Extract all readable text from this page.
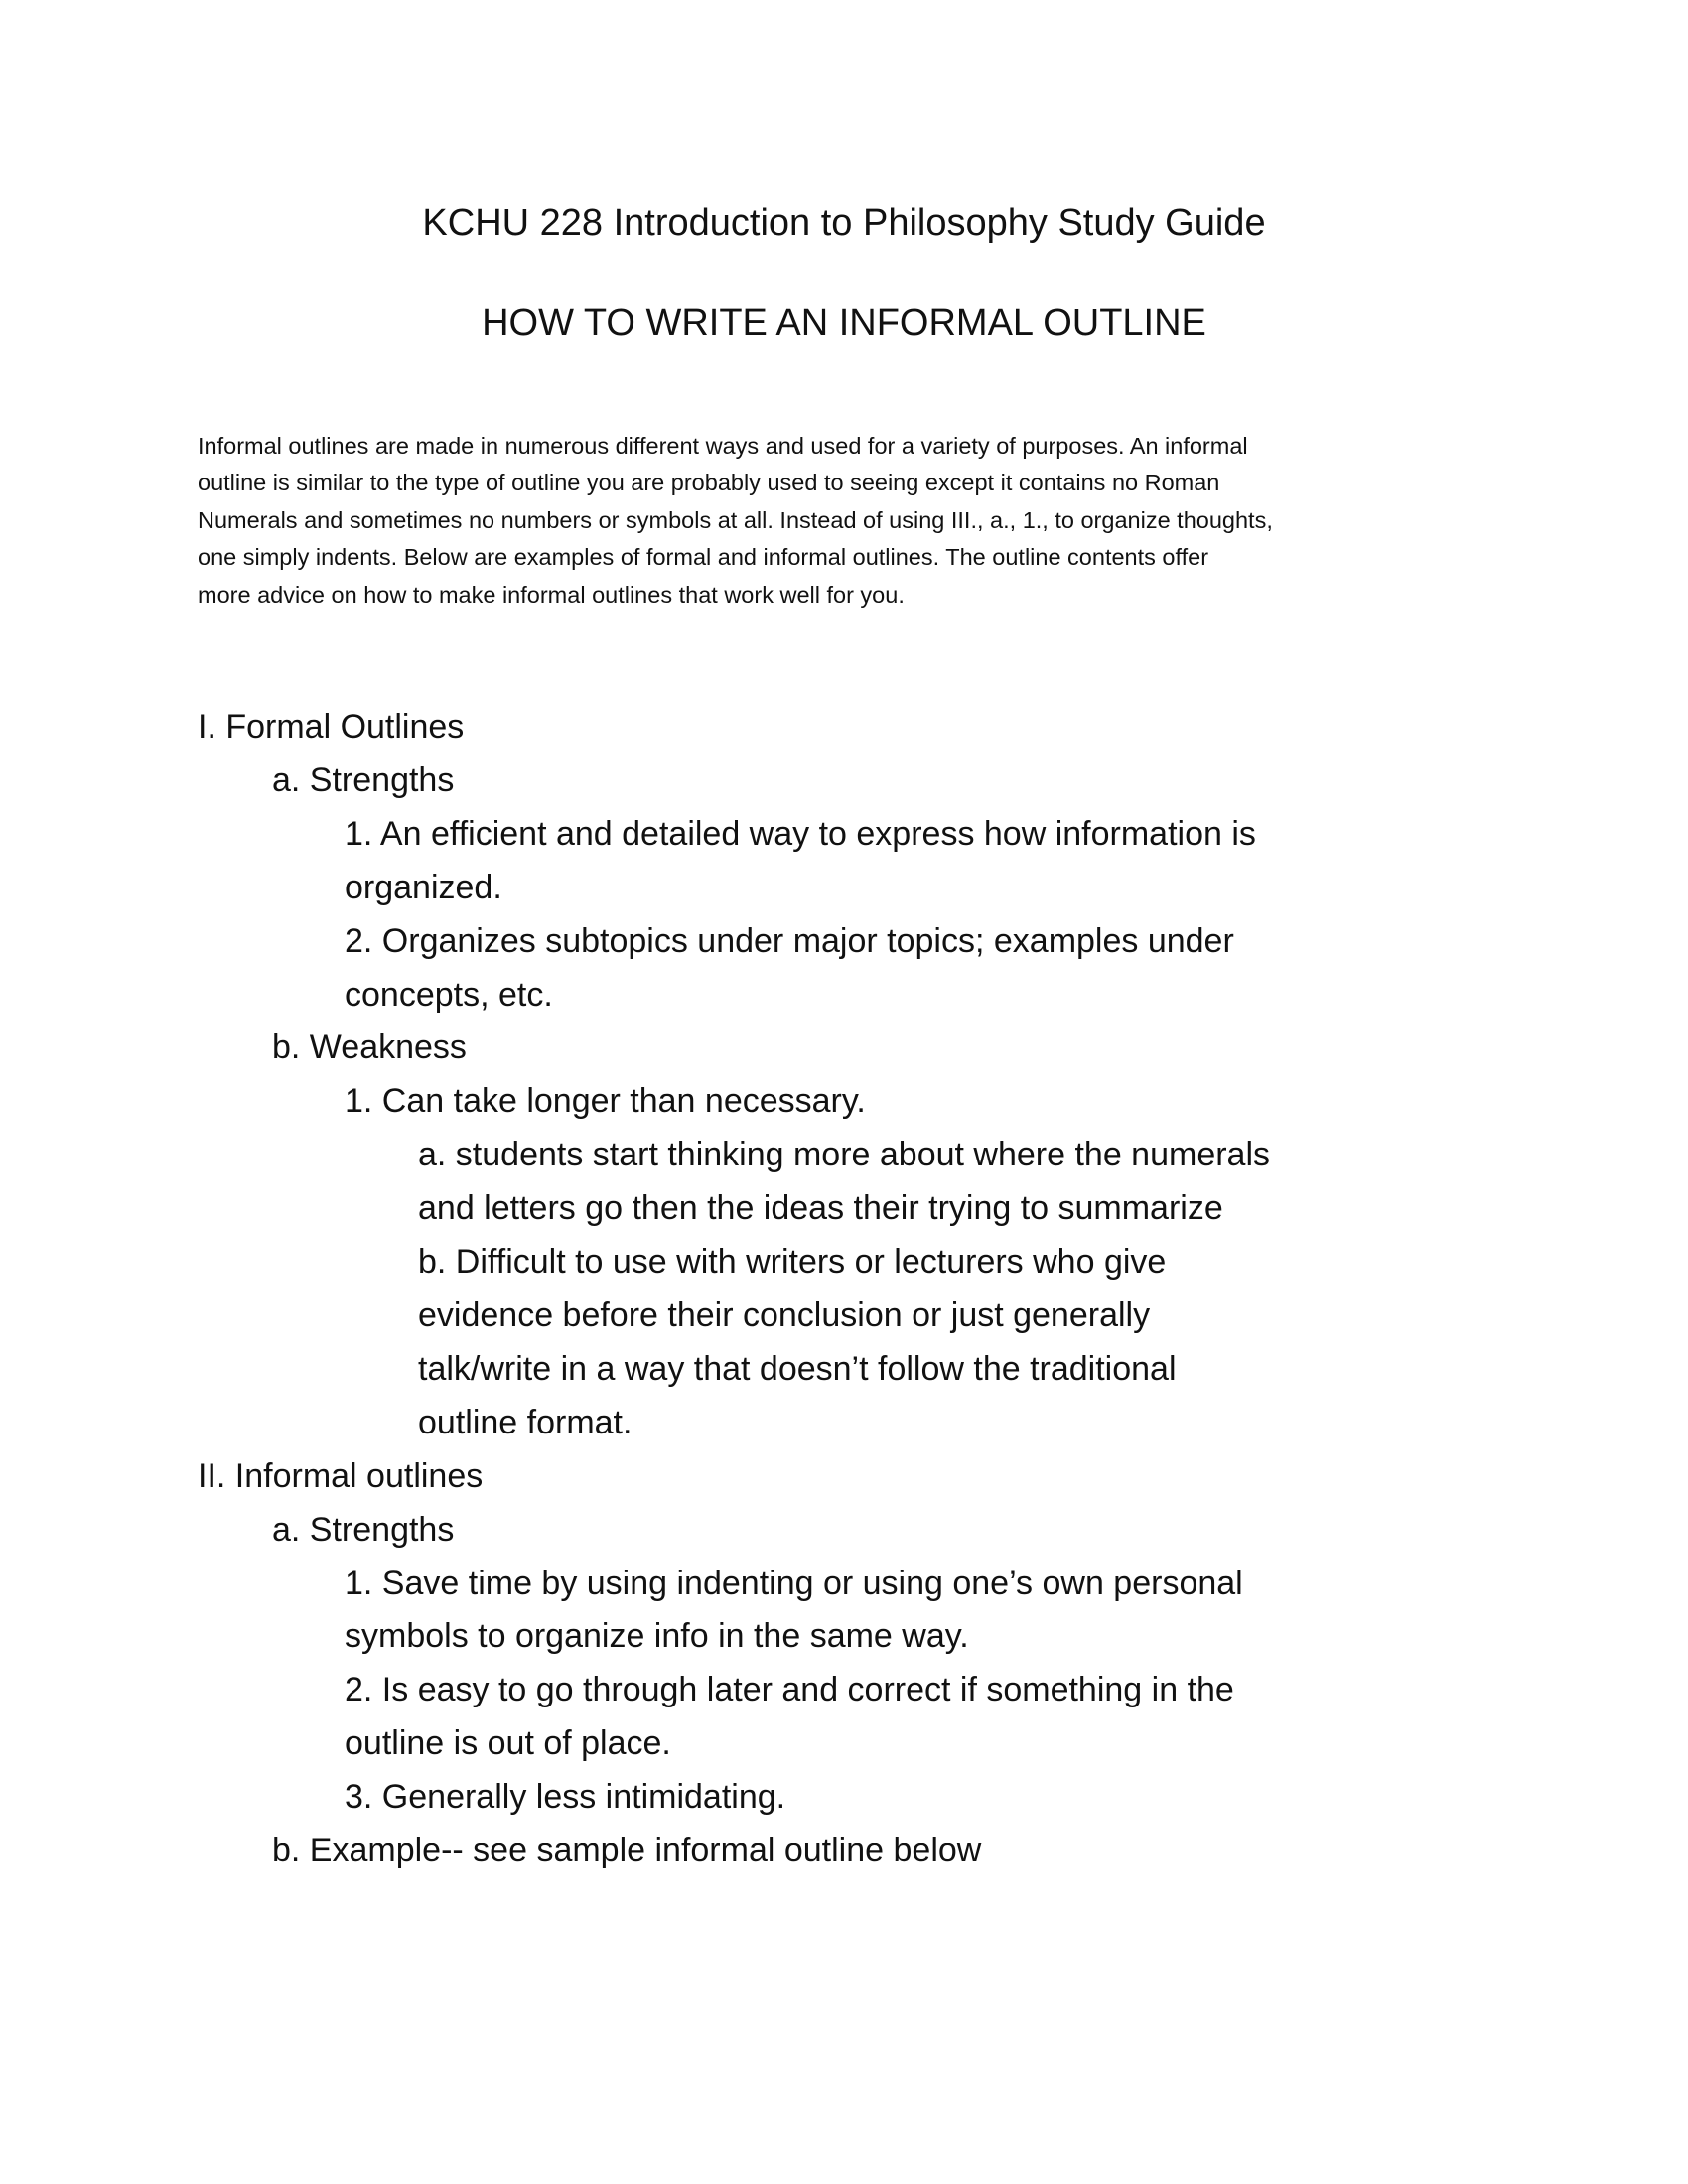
KCHU 228 Introduction to Philosophy Study Guide
HOW TO WRITE AN INFORMAL OUTLINE
Informal outlines are made in numerous different ways and used for a variety of purposes. An informal
outline is similar to the type of outline you are probably used to seeing except it contains no Roman
Numerals and sometimes no numbers or symbols at all. Instead of using III., a., 1., to organize thoughts,
one simply indents. Below are examples of formal and informal outlines. The outline contents offer
more advice on how to make informal outlines that work well for you.
I. Formal Outlines
a. Strengths
1. An efficient and detailed way to express how information is
organized.
2. Organizes subtopics under major topics; examples under
concepts, etc.
b. Weakness
1. Can take longer than necessary.
a. students start thinking more about where the numerals
and letters go then the ideas their trying to summarize
b. Difficult to use with writers or lecturers who give
evidence before their conclusion or just generally
talk/write in a way that doesn’t follow the traditional
outline format.
II. Informal outlines
a. Strengths
1. Save time by using indenting or using one’s own personal
symbols to organize info in the same way.
2. Is easy to go through later and correct if something in the
outline is out of place.
3. Generally less intimidating.
b. Example-- see sample informal outline below
